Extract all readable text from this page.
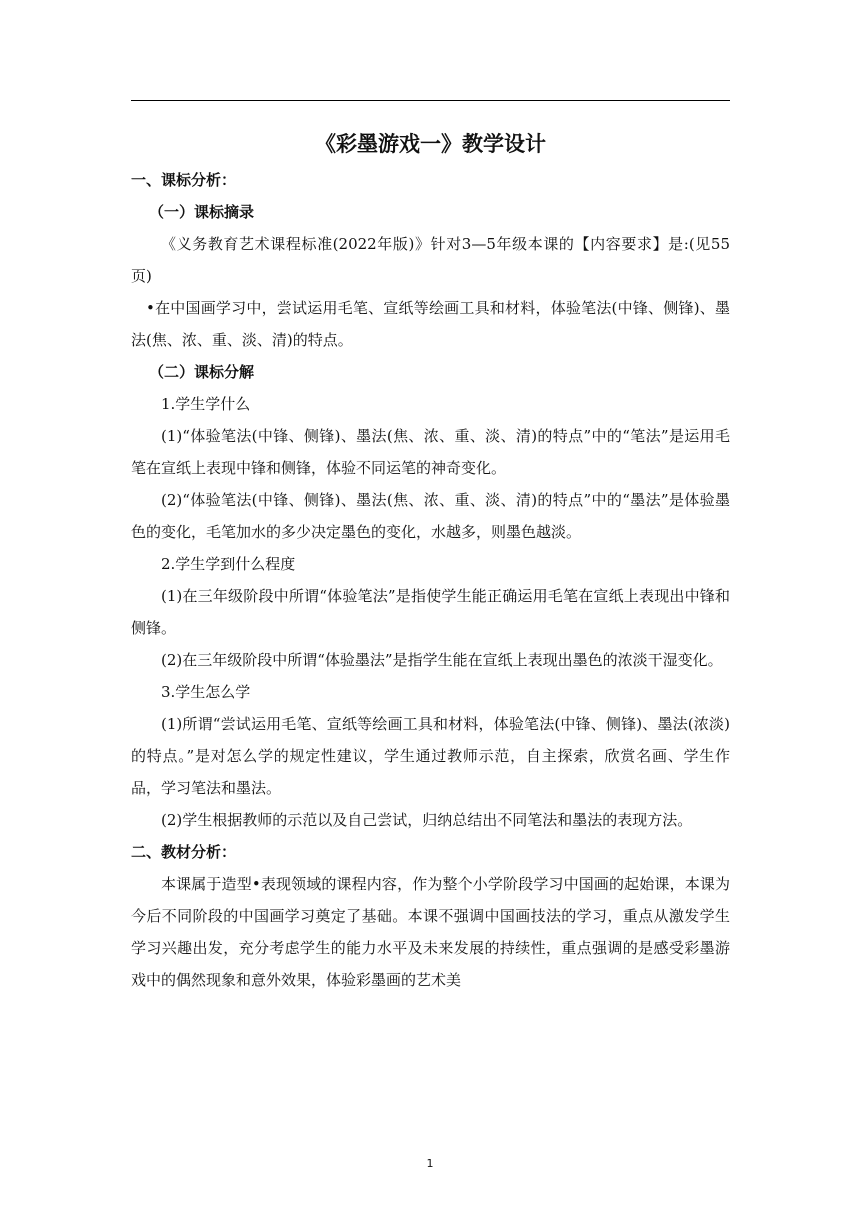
《彩墨游戏一》教学设计
一、课标分析：
（一）课标摘录

《义务教育艺术课程标准(2022年版)》针对3—5年级本课的【内容要求】是:(见55页)

•在中国画学习中，尝试运用毛笔、宣纸等绘画工具和材料，体验笔法(中锋、侧锋)、墨法(焦、浓、重、淡、清)的特点。

（二）课标分解

1.学生学什么

(1)“体验笔法(中锋、侧锋)、墨法(焦、浓、重、淡、清)的特点”中的“笔法”是运用毛笔在宣纸上表现中锋和侧锋，体验不同运笔的神奇变化。

(2)“体验笔法(中锋、侧锋)、墨法(焦、浓、重、淡、清)的特点”中的“墨法”是体验墨色的变化，毛笔加水的多少决定墨色的变化，水越多，则墨色越淡。

2.学生学到什么程度

(1)在三年级阶段中所谓“体验笔法”是指使学生能正确运用毛笔在宣纸上表现出中锋和侧锋。

(2)在三年级阶段中所谓“体验墨法”是指学生能在宣纸上表现出墨色的浓淡干湿变化。

3.学生怎么学

(1)所谓“尝试运用毛笔、宣纸等绘画工具和材料，体验笔法(中锋、侧锋)、墨法(浓淡)的特点。”是对怎么学的规定性建议，学生通过教师示范，自主探索，欣赏名画、学生作品，学习笔法和墨法。

(2)学生根据教师的示范以及自己尝试，归纳总结出不同笔法和墨法的表现方法。

二、教材分析：

本课属于造型•表现领域的课程内容，作为整个小学阶段学习中国画的起始课，本课为今后不同阶段的中国画学习奠定了基础。本课不强调中国画技法的学习，重点从激发学生学习兴趣出发，充分考虑学生的能力水平及未来发展的持续性，重点强调的是感受彩墨游戏中的偶然现象和意外效果，体验彩墨画的艺术美

1
